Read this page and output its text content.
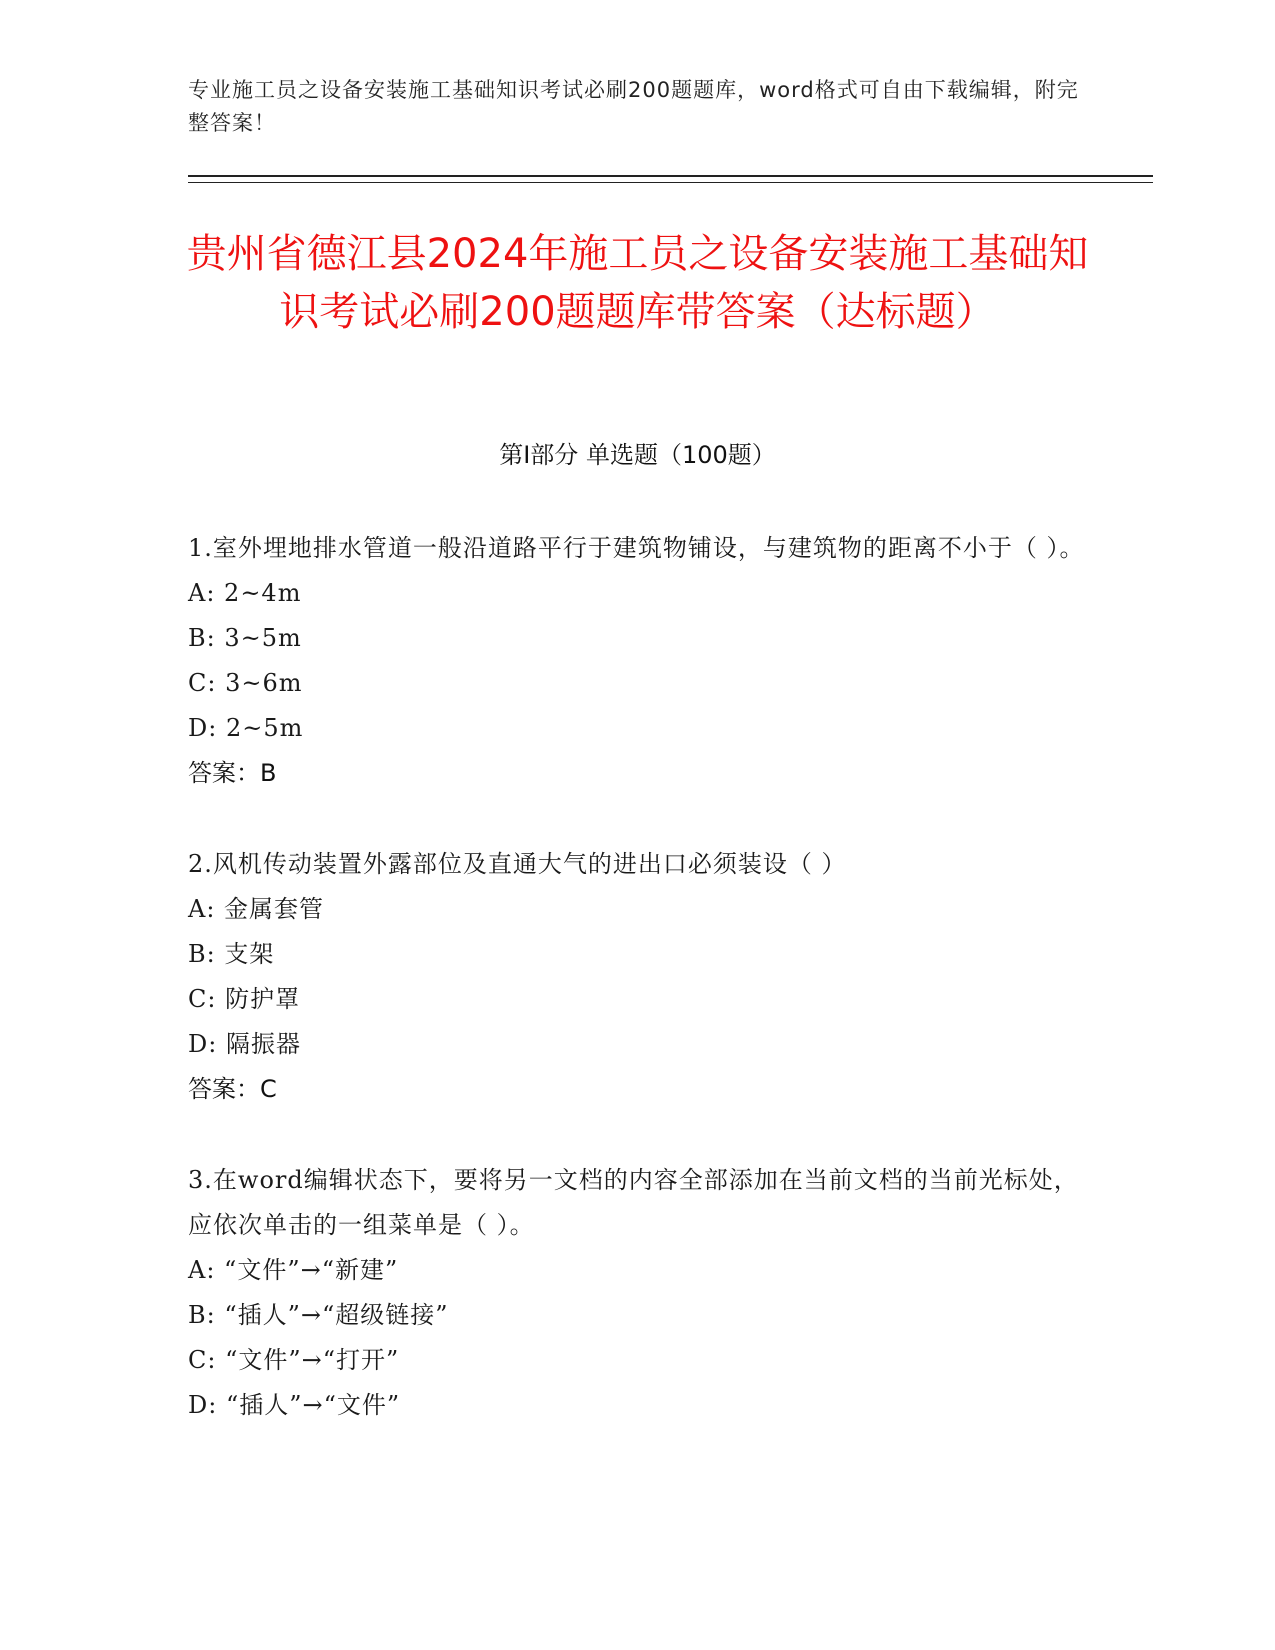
专业施工员之设备安装施工基础知识考试必刷200题题库，word格式可自由下载编辑，附完整答案！
贵州省德江县2024年施工员之设备安装施工基础知识考试必刷200题题库带答案（达标题）
第Ⅰ部分 单选题（100题）
1.室外埋地排水管道一般沿道路平行于建筑物铺设，与建筑物的距离不小于（ ）。
A: 2~4m
B: 3~5m
C: 3~6m
D: 2~5m
答案：B
2.风机传动装置外露部位及直通大气的进出口必须装设（ ）
A: 金属套管
B: 支架
C: 防护罩
D: 隔振器
答案：C
3.在word编辑状态下，要将另一文档的内容全部添加在当前文档的当前光标处，应依次单击的一组菜单是（ ）。
A: “文件”→“新建”
B: “插人”→“超级链接”
C: “文件”→“打开”
D: “插人”→“文件”
